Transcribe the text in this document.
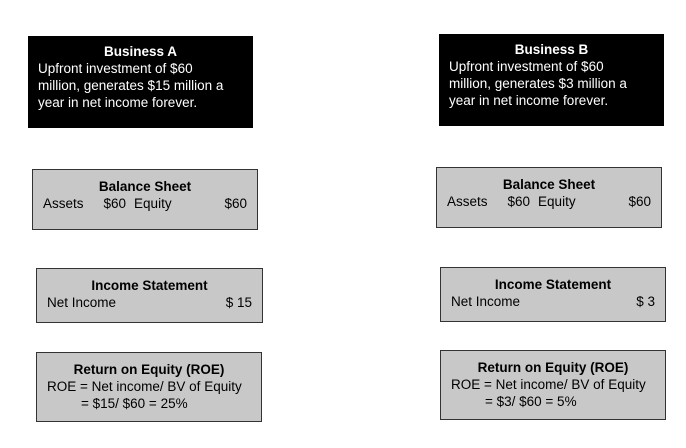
Business A
Upfront investment of $60
million, generates $15 million a
year in net income forever.
Balance Sheet
Assets $60 Equity	$60
Income Statement
Net Income	$ 15
Return on Equity (ROE)
ROE = Net income/ BV of Equity
= $15/ $60 = 25%
Business B
Upfront investment of $60
million, generates $3 million a
year in net income forever.
Balance Sheet
Assets $60 Equity	$60
Income Statement
Net Income	$ 3
Return on Equity (ROE)
ROE = Net income/ BV of Equity
= $3/ $60 = 5%
